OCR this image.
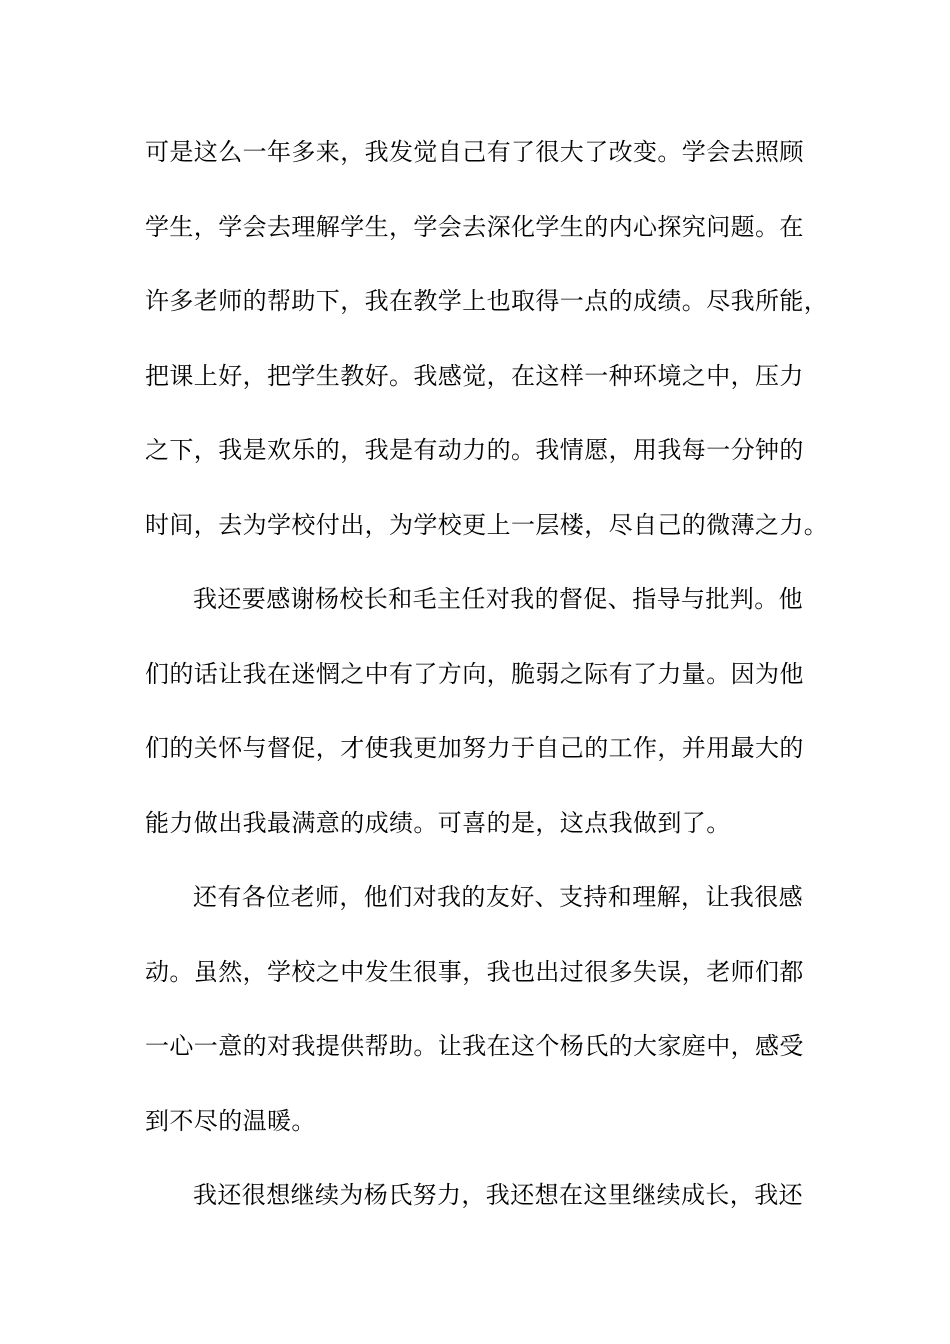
可是这么一年多来，我发觉自己有了很大了改变。学会去照顾
学生，学会去理解学生，学会去深化学生的内心探究问题。在
许多老师的帮助下，我在教学上也取得一点的成绩。尽我所能，
把课上好，把学生教好。我感觉，在这样一种环境之中，压力
之下，我是欢乐的，我是有动力的。我情愿，用我每一分钟的
时间，去为学校付出，为学校更上一层楼，尽自己的微薄之力。
我还要感谢杨校长和毛主任对我的督促、指导与批判。他
们的话让我在迷惘之中有了方向，脆弱之际有了力量。因为他
们的关怀与督促，才使我更加努力于自己的工作，并用最大的
能力做出我最满意的成绩。可喜的是，这点我做到了。
还有各位老师，他们对我的友好、支持和理解，让我很感
动。虽然，学校之中发生很事，我也出过很多失误，老师们都
一心一意的对我提供帮助。让我在这个杨氏的大家庭中，感受
到不尽的温暖。
我还很想继续为杨氏努力，我还想在这里继续成长，我还
